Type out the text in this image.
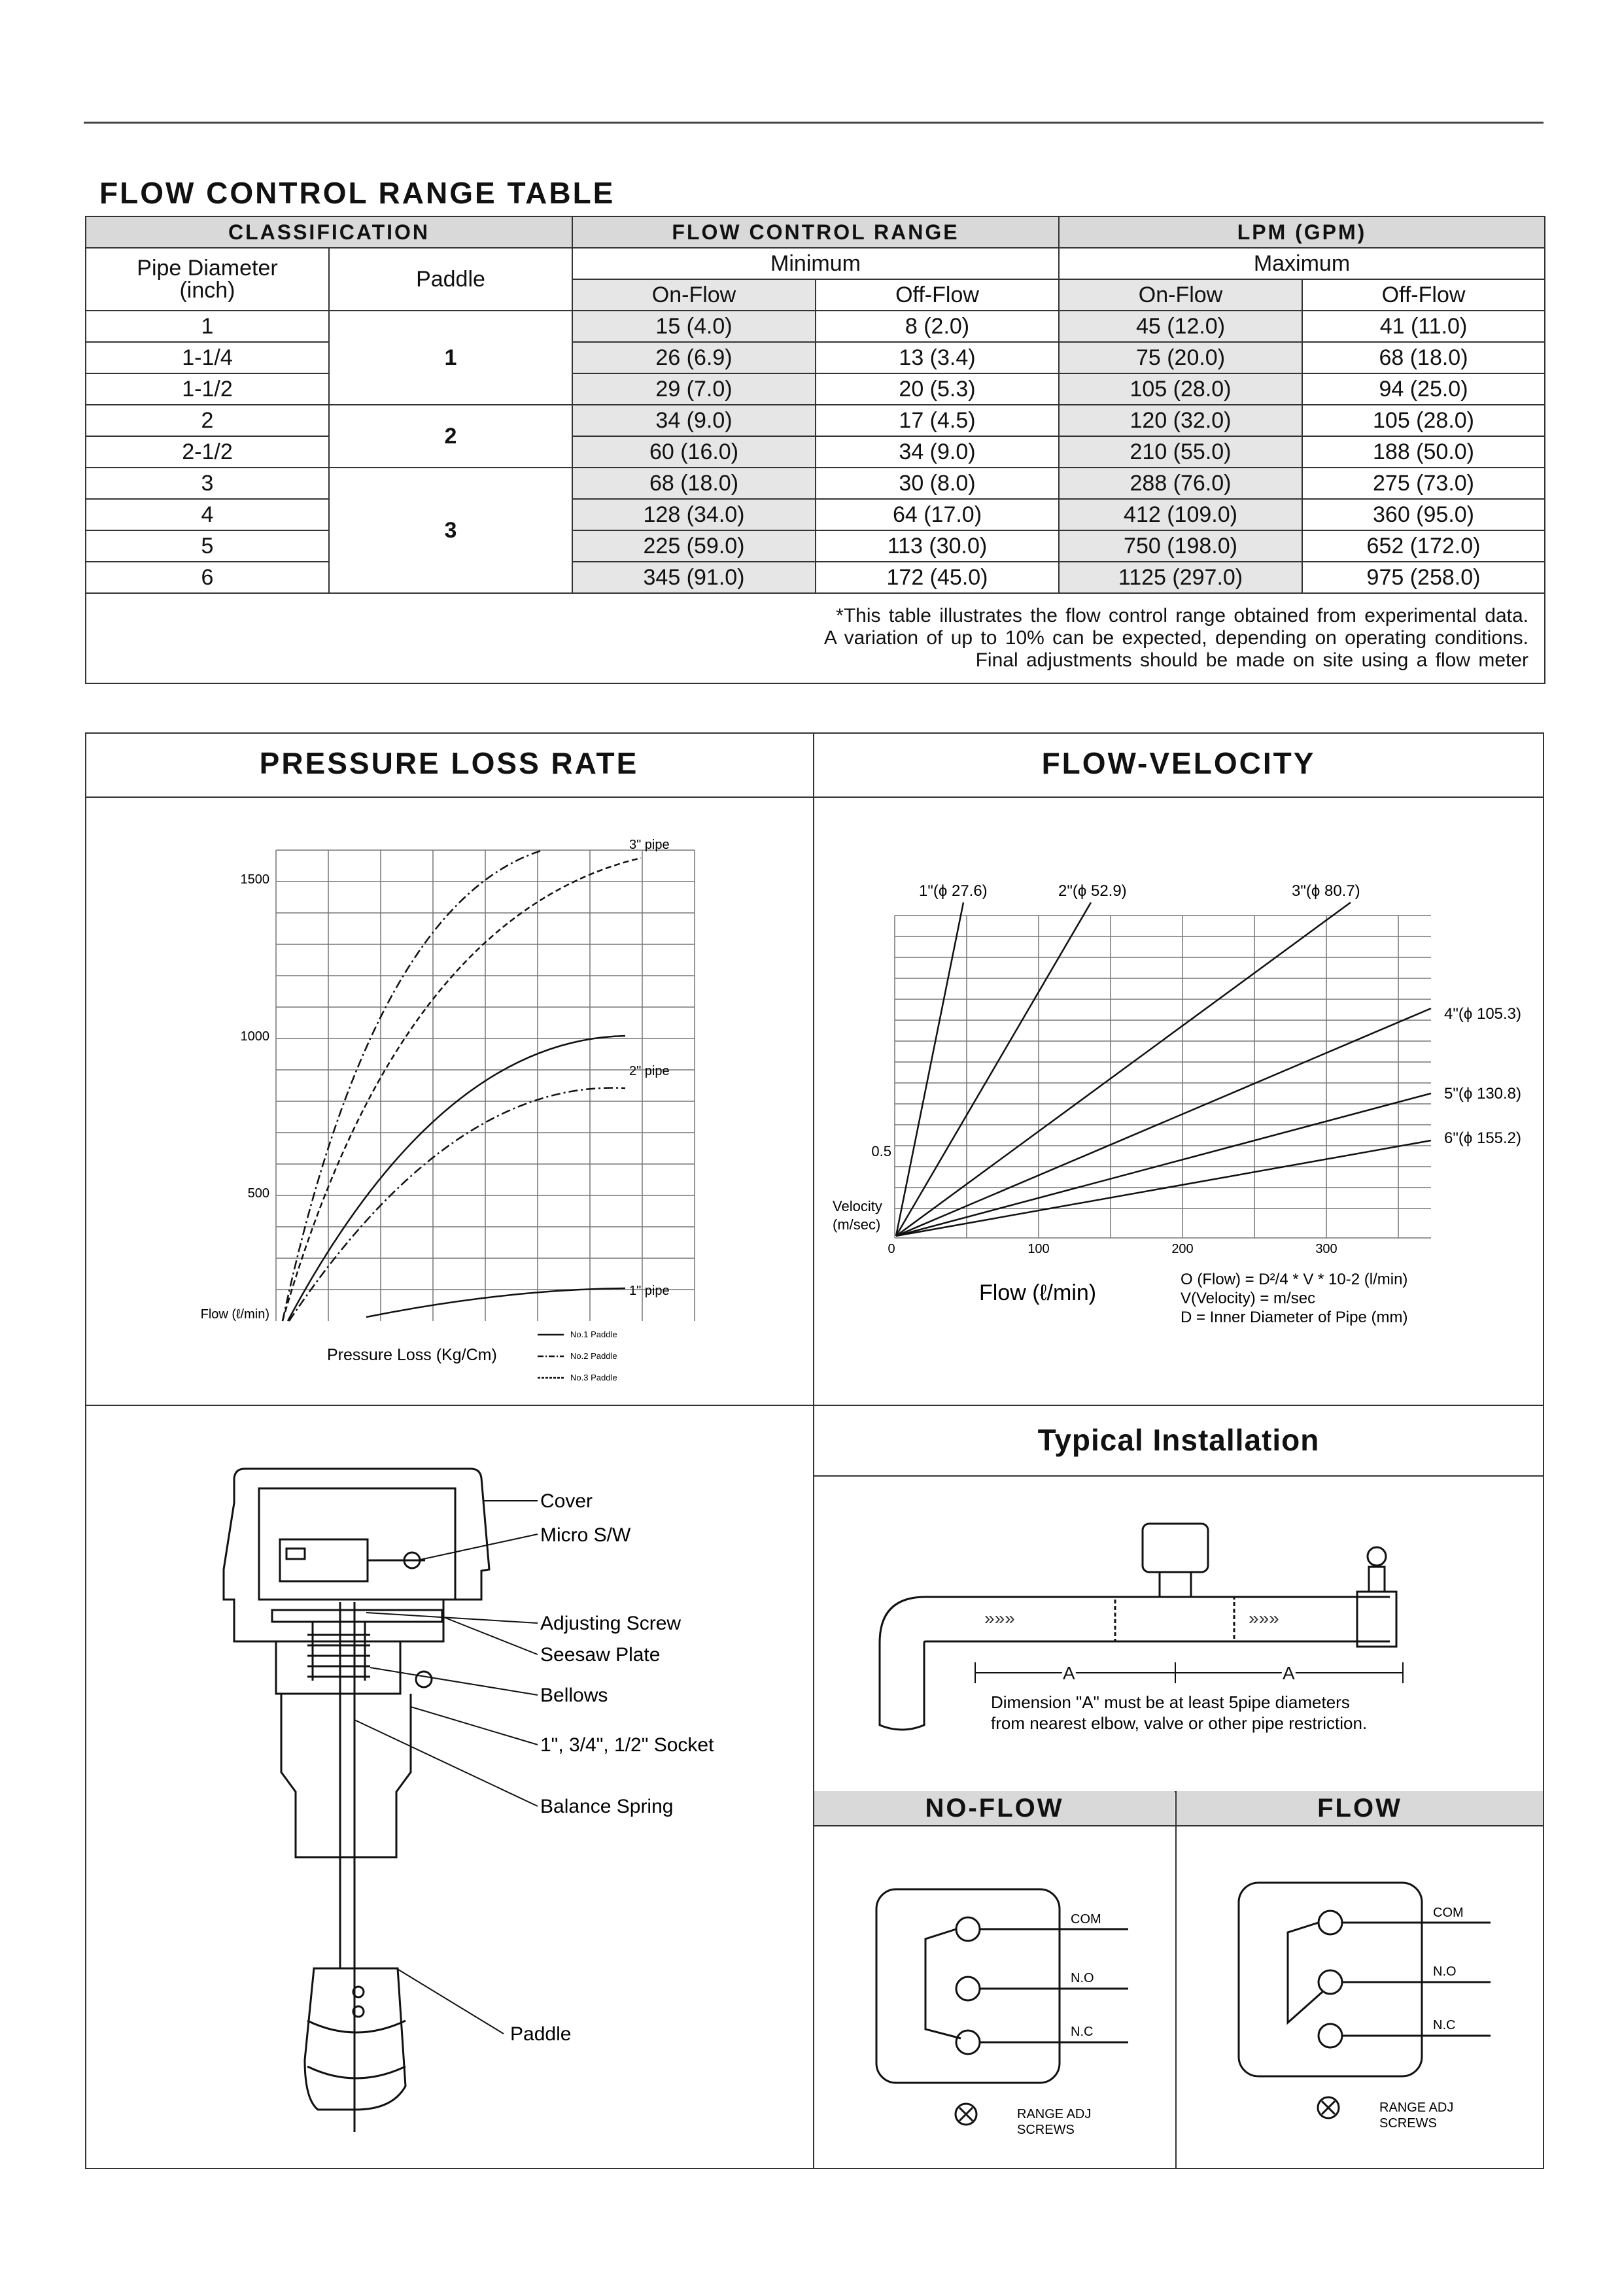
FLOW CONTROL RANGE TABLE
CLASSIFICATION		FLOW CONTROL RANGE		LPM (GPM)	
Pipe Diameter
(inch)	Paddle	Minimum		Maximum	
		On-Flow	Off-Flow	On-Flow	Off-Flow
1	1	15 (4.0)	8 (2.0)	45 (12.0)	41 (11.0)
1-1/4		26 (6.9)	13 (3.4)	75 (20.0)	68 (18.0)
1-1/2		29 (7.0)	20 (5.3)	105 (28.0)	94 (25.0)
2	2	34 (9.0)	17 (4.5)	120 (32.0)	105 (28.0)
2-1/2		60 (16.0)	34 (9.0)	210 (55.0)	188 (50.0)
3	3	68 (18.0)	30 (8.0)	288 (76.0)	275 (73.0)
4		128 (34.0)	64 (17.0)	412 (109.0)	360 (95.0)
5		225 (59.0)	113 (30.0)	750 (198.0)	652 (172.0)
6		345 (91.0)	172 (45.0)	1125 (297.0)	975 (258.0)

*This table illustrates the flow control range obtained from experimental data.
A variation of up to 10% can be expected, depending on operating conditions.
Final adjustments should be made on site using a flow meter					
PRESSURE LOSS RATE	FLOW-VELOCITY
Typical Installation
NO-FLOW	FLOW
1500
1000
500
Flow (ℓ/min)
3" pipe
2" pipe
1" pipe
Pressure Loss (Kg/Cm)
No.1 Paddle
No.2 Paddle
No.3 Paddle
1"(ϕ 27.6)	2"(ϕ 52.9)	3"(ϕ 80.7)
4"(ϕ 105.3)
5"(ϕ 130.8)
6"(ϕ 155.2)
0.5
Velocity
(m/sec)
0	100	200	300
Flow (ℓ/min)
O (Flow) = D²/4 * V * 10-2 (l/min)
V(Velocity) = m/sec
D = Inner Diameter of Pipe (mm)
Cover
Micro S/W
Adjusting Screw
Seesaw Plate
Bellows
1", 3/4", 1/2" Socket
Balance Spring
Paddle
»»»	»»»
A	A
Dimension "A" must be at least 5pipe diameters
from nearest elbow, valve or other pipe restriction.
COM
N.O
N.C
RANGE ADJ
SCREWS
COM
N.O
N.C
RANGE ADJ
SCREWS
